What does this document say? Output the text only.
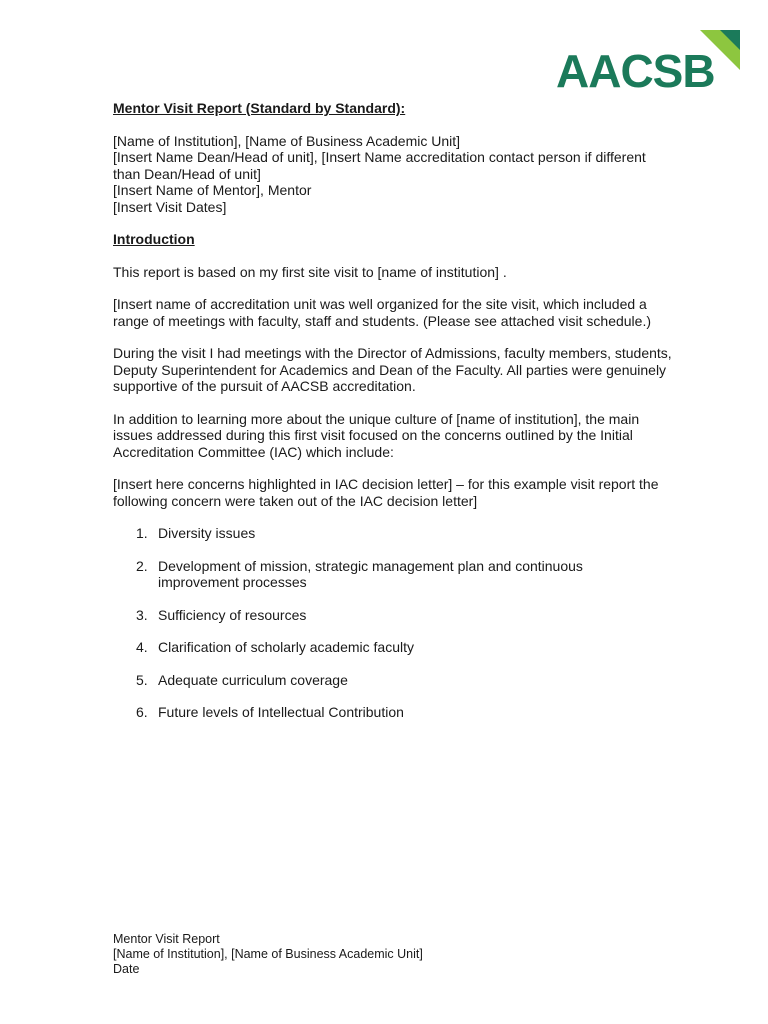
AACSB

Mentor Visit Report (Standard by Standard):

[Name of Institution], [Name of Business Academic Unit]

[Insert Name Dean/Head of unit], [Insert Name accreditation contact person if different than Dean/Head of unit]

[Insert Name of Mentor], Mentor

[Insert Visit Dates]

Introduction

This report is based on my first site visit to [name of institution] .

[Insert name of accreditation unit was well organized for the site visit, which included a range of meetings with faculty, staff and students. (Please see attached visit schedule.)

During the visit I had meetings with the Director of Admissions, faculty members, students, Deputy Superintendent for Academics and Dean of the Faculty. All parties were genuinely supportive of the pursuit of AACSB accreditation.

In addition to learning more about the unique culture of [name of institution], the main issues addressed during this first visit focused on the concerns outlined by the Initial Accreditation Committee (IAC) which include:

[Insert here concerns highlighted in IAC decision letter] – for this example visit report the following concern were taken out of the IAC decision letter]

1. Diversity issues
2. Development of mission, strategic management plan and continuous improvement processes
3. Sufficiency of resources
4. Clarification of scholarly academic faculty
5. Adequate curriculum coverage
6. Future levels of Intellectual Contribution
Mentor Visit Report
[Name of Institution], [Name of Business Academic Unit]
Date
